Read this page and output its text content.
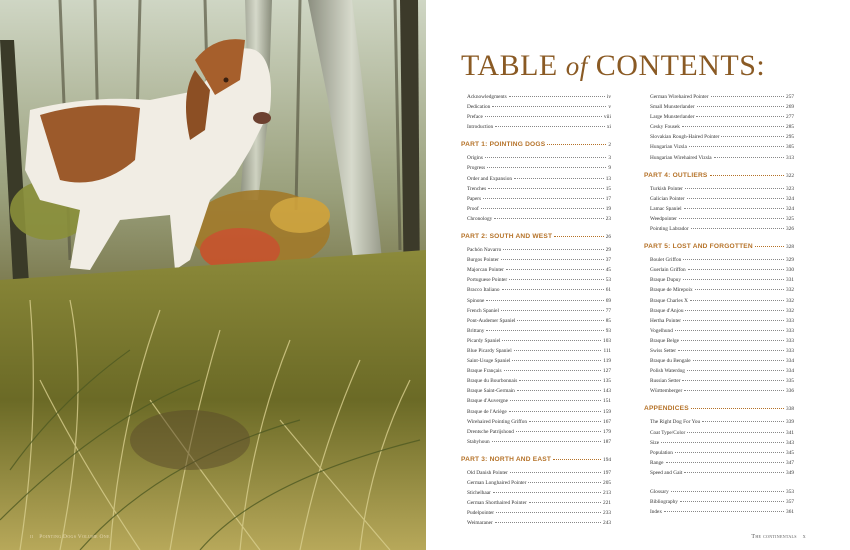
ii Pointing Dogs Volume One
TABLE of CONTENTS:
Acknowledgments	iv
Dedication	v
Preface	viii
Introduction	xi
PART 1: POINTING DOGS	2
Origins	3
Progress	9
Order and Expansion	13
Trenches	15
Papers	17
Proof	19
Chronology	23
PART 2: SOUTH AND WEST	26
Pachón Navarro	29
Burgos Pointer	37
Majorcan Pointer	45
Portuguese Pointer	53
Bracco Italiano	61
Spinone	69
French Spaniel	77
Pont-Audemer Spaniel	85
Brittany	93
Picardy Spaniel	103
Blue Picardy Spaniel	111
Saint-Usuge Spaniel	119
Braque Français	127
Braque du Bourbonnais	135
Braque Saint-Germain	143
Braque d'Auvergne	151
Braque de l'Ariège	159
Wirehaired Pointing Griffon	167
Drentsche Patrijshond	179
Stabyhoun	187
PART 3: NORTH AND EAST	194
Old Danish Pointer	197
German Longhaired Pointer	205
Stichelhaar	213
German Shorthaired Pointer	221
Pudelpointer	233
Weimaraner	243
German Wirehaired Pointer	257
Small Munsterlander	269
Large Munsterlander	277
Cesky Fousek	285
Slovakian Rough-Haired Pointer	295
Hungarian Vizsla	305
Hungarian Wirehaired Vizsla	313
PART 4: OUTLIERS	322
Turkish Pointer	323
Galician Pointer	324
Lamac Spaniel	324
Weedpointer	325
Pointing Labrador	326
PART 5: LOST AND FORGOTTEN	328
Boulet Griffon	329
Guerlain Griffon	330
Braque Dupuy	331
Braque de Mirepoix	332
Braque Charles X	332
Braque d'Anjou	332
Hertha Pointer	333
Vogelhund	333
Braque Belge	333
Swiss Setter	333
Braque du Bengale	334
Polish Waterdog	334
Russian Setter	335
Württemberger	336
APPENDICES	338
The Right Dog For You	339
Coat Type/Color	341
Size	343
Population	345
Range	347
Speed and Gait	349
Glossary	353
Bibliography	357
Index	361
The continentals x
